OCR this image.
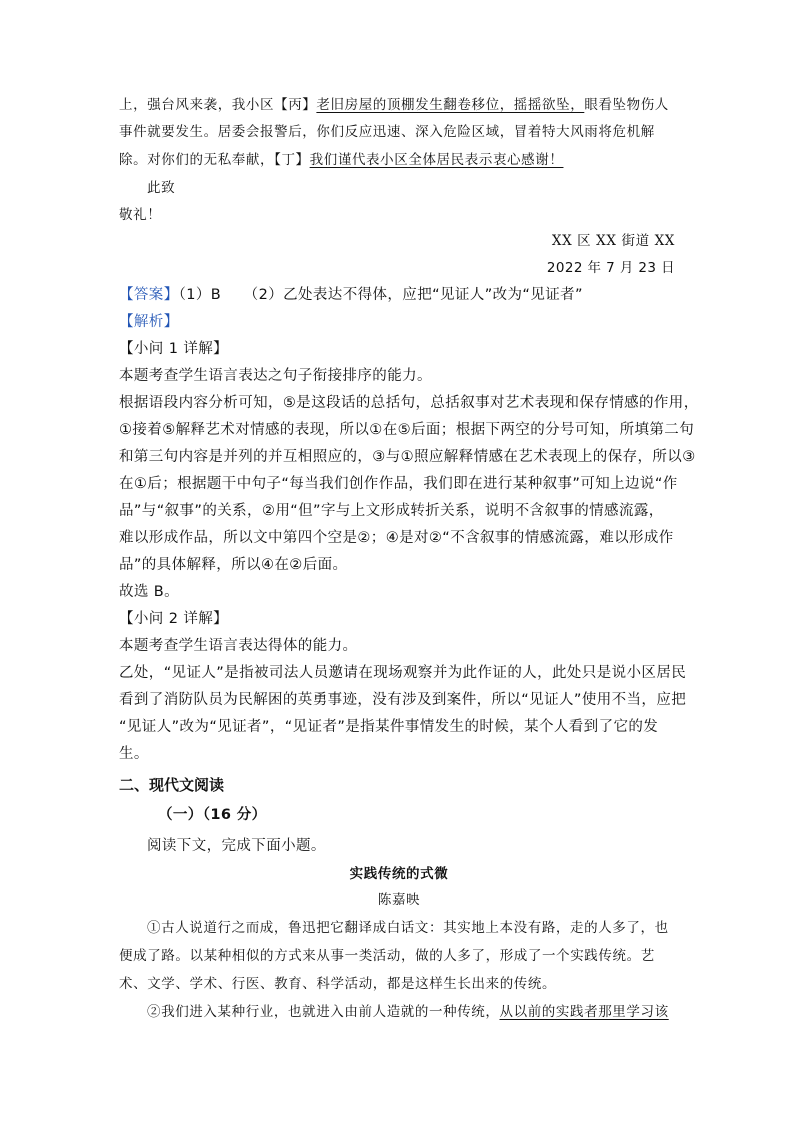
上，强台风来袭，我小区【丙】老旧房屋的顶棚发生翻卷移位，摇摇欲坠，眼看坠物伤人
事件就要发生。居委会报警后，你们反应迅速、深入危险区域，冒着特大风雨将危机解
除。对你们的无私奉献，【丁】我们谨代表小区全体居民表示衷心感谢！
此致
敬礼！
XX 区 XX 街道 XX
2022 年 7 月 23 日
【答案】（1）B　　（2）乙处表达不得体，应把“见证人”改为“见证者”
【解析】
【小问 1 详解】
本题考查学生语言表达之句子衔接排序的能力。
根据语段内容分析可知，⑤是这段话的总括句，总括叙事对艺术表现和保存情感的作用，
①接着⑤解释艺术对情感的表现，所以①在⑤后面；根据下两空的分号可知，所填第二句
和第三句内容是并列的并互相照应的，③与①照应解释情感在艺术表现上的保存，所以③
在①后；根据题干中句子“每当我们创作作品，我们即在进行某种叙事”可知上边说“作
品”与“叙事”的关系，②用“但”字与上文形成转折关系，说明不含叙事的情感流露，
难以形成作品，所以文中第四个空是②；④是对②“不含叙事的情感流露，难以形成作
品”的具体解释，所以④在②后面。
故选 B。
【小问 2 详解】
本题考查学生语言表达得体的能力。
乙处，“见证人”是指被司法人员邀请在现场观察并为此作证的人，此处只是说小区居民
看到了消防队员为民解困的英勇事迹，没有涉及到案件，所以“见证人”使用不当，应把
“见证人”改为“见证者”，“见证者”是指某件事情发生的时候，某个人看到了它的发
生。
二、现代文阅读
（一）（16 分）
阅读下文，完成下面小题。
实践传统的式微
陈嘉映
①古人说道行之而成，鲁迅把它翻译成白话文：其实地上本没有路，走的人多了，也
便成了路。以某种相似的方式来从事一类活动，做的人多了，形成了一个实践传统。艺
术、文学、学术、行医、教育、科学活动，都是这样生长出来的传统。
②我们进入某种行业，也就进入由前人造就的一种传统，从以前的实践者那里学习该
